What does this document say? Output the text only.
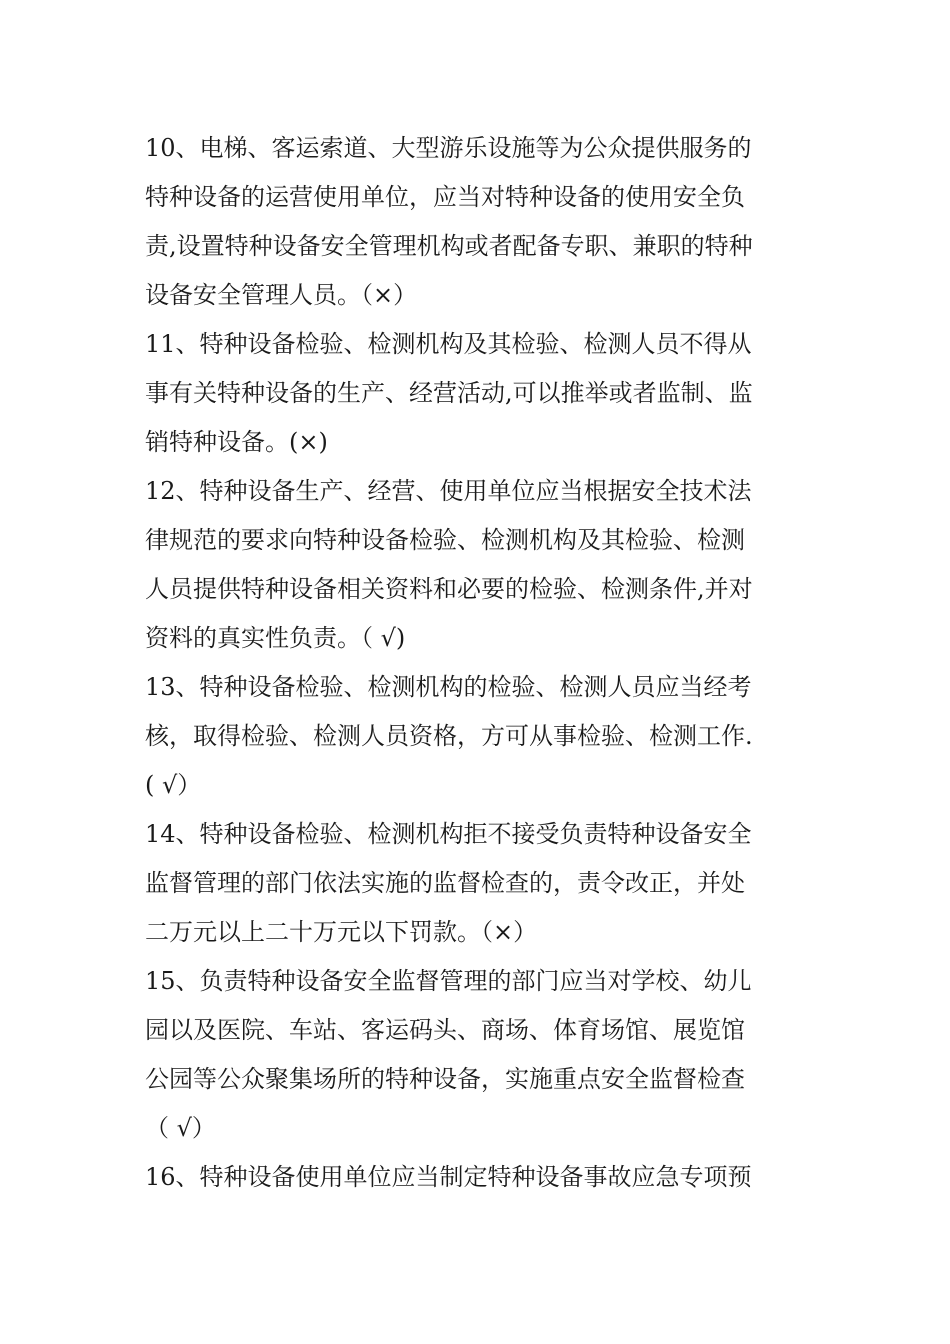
10、电梯、客运索道、大型游乐设施等为公众提供服务的
特种设备的运营使用单位，应当对特种设备的使用安全负
责,设置特种设备安全管理机构或者配备专职、兼职的特种
设备安全管理人员。（×）
11、特种设备检验、检测机构及其检验、检测人员不得从
事有关特种设备的生产、经营活动,可以推举或者监制、监
销特种设备。(×)
12、特种设备生产、经营、使用单位应当根据安全技术法
律规范的要求向特种设备检验、检测机构及其检验、检测
人员提供特种设备相关资料和必要的检验、检测条件,并对
资料的真实性负责。（ √)
13、特种设备检验、检测机构的检验、检测人员应当经考
核，取得检验、检测人员资格，方可从事检验、检测工作.
( √）
14、特种设备检验、检测机构拒不接受负责特种设备安全
监督管理的部门依法实施的监督检查的，责令改正，并处
二万元以上二十万元以下罚款。（×）
15、负责特种设备安全监督管理的部门应当对学校、幼儿
园以及医院、车站、客运码头、商场、体育场馆、展览馆
公园等公众聚集场所的特种设备，实施重点安全监督检查
（ √）
16、特种设备使用单位应当制定特种设备事故应急专项预
